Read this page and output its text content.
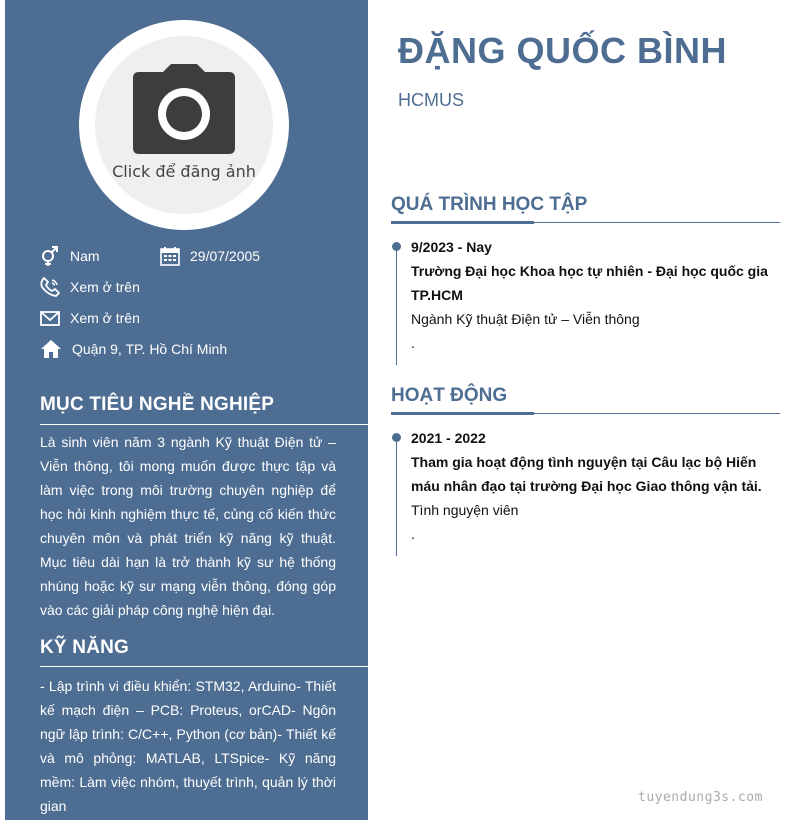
Click để đăng ảnh
Nam	29/07/2005
Xem ở trên
Xem ở trên
Quận 9, TP. Hồ Chí Minh
MỤC TIÊU NGHỀ NGHIỆP
Là sinh viên năm 3 ngành Kỹ thuật Điện tử – Viễn thông, tôi mong muốn được thực tập và làm việc trong môi trường chuyên nghiệp để học hỏi kinh nghiệm thực tế, củng cố kiến thức chuyên môn và phát triển kỹ năng kỹ thuật. Mục tiêu dài hạn là trở thành kỹ sư hệ thống nhúng hoặc kỹ sư mạng viễn thông, đóng góp vào các giải pháp công nghệ hiện đại.
KỸ NĂNG
- Lập trình vi điều khiển: STM32, Arduino- Thiết kế mạch điện – PCB: Proteus, orCAD- Ngôn ngữ lập trình: C/C++, Python (cơ bản)- Thiết kế và mô phỏng: MATLAB, LTSpice- Kỹ năng mềm: Làm việc nhóm, thuyết trình, quản lý thời gian
ĐẶNG QUỐC BÌNH
HCMUS
QUÁ TRÌNH HỌC TẬP
9/2023 - Nay
Trường Đại học Khoa học tự nhiên - Đại học quốc gia TP.HCM
Ngành Kỹ thuật Điện tử – Viễn thông
.
HOẠT ĐỘNG
2021 - 2022
Tham gia hoạt động tình nguyện tại Câu lạc bộ Hiến máu nhân đạo tại trường Đại học Giao thông vận tải.
Tình nguyện viên
.
tuyendung3s.com
